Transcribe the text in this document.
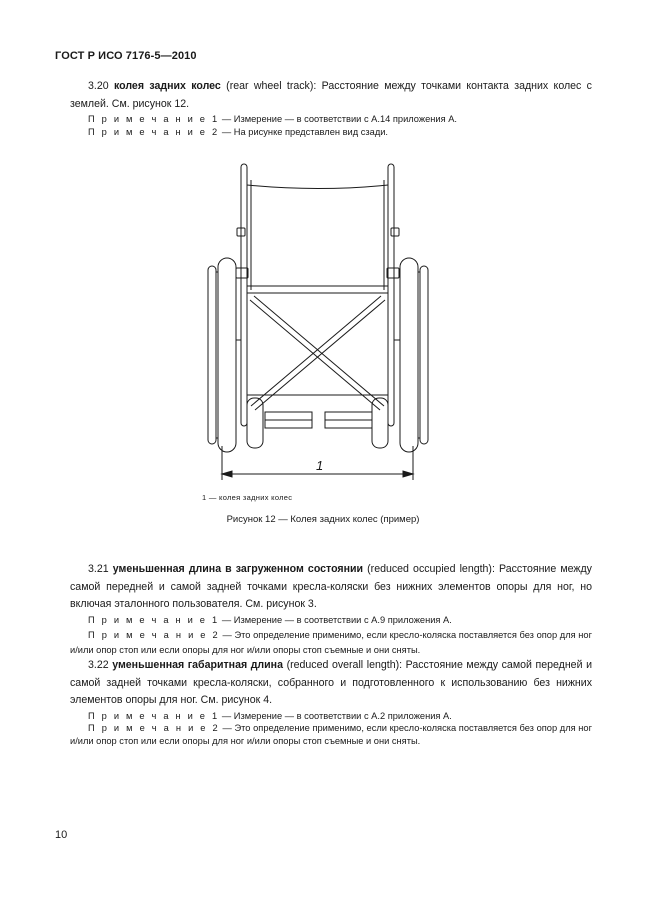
ГОСТ Р ИСО 7176-5—2010
3.20 колея задних колес (rear wheel track): Расстояние между точками контакта задних колес с землей. См. рисунок 12.
П р и м е ч а н и е 1 — Измерение — в соответствии с А.14 приложения А.
П р и м е ч а н и е 2 — На рисунке представлен вид сзади.
1
1 — колея задних колес
Рисунок 12 — Колея задних колес (пример)
3.21 уменьшенная длина в загруженном состоянии (reduced occupied length): Расстояние между самой передней и самой задней точками кресла-коляски без нижних элементов опоры для ног, но включая эталонного пользователя. См. рисунок 3.
П р и м е ч а н и е 1 — Измерение — в соответствии с А.9 приложения А.
П р и м е ч а н и е 2 — Это определение применимо, если кресло-коляска поставляется без опор для ног и/или опор стоп или если опоры для ног и/или опоры стоп съемные и они сняты.
3.22 уменьшенная габаритная длина (reduced overall length): Расстояние между самой передней и самой задней точками кресла-коляски, собранного и подготовленного к использованию без нижних элементов опоры для ног. См. рисунок 4.
П р и м е ч а н и е 1 — Измерение — в соответствии с А.2 приложения А.
П р и м е ч а н и е 2 — Это определение применимо, если кресло-коляска поставляется без опор для ног и/или опор стоп или если опоры для ног и/или опоры стоп съемные и они сняты.
10
